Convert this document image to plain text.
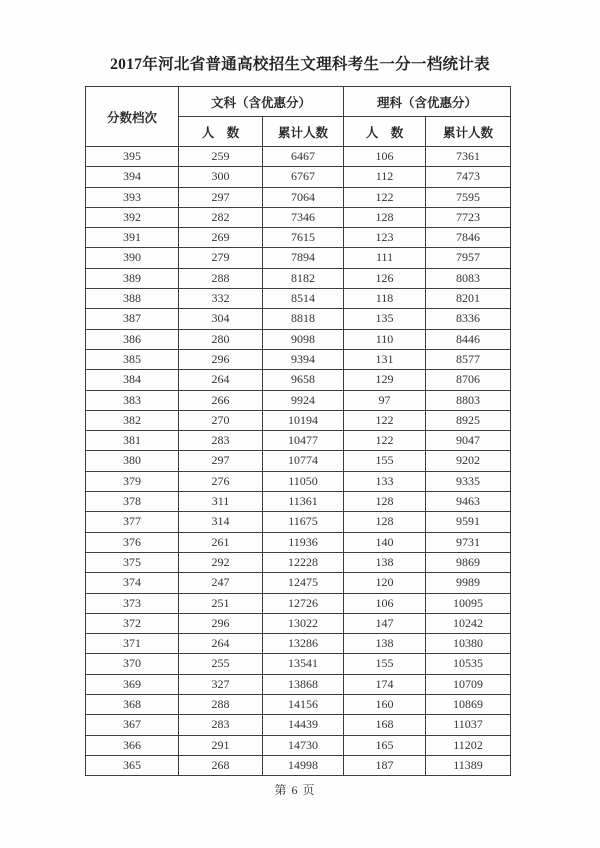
2017年河北省普通高校招生文理科考生一分一档统计表
分数档次	文科（含优惠分）		理科（含优惠分）	
	人　数	累计人数	人　数	累计人数
395	259	6467	106	7361
394	300	6767	112	7473
393	297	7064	122	7595
392	282	7346	128	7723
391	269	7615	123	7846
390	279	7894	111	7957
389	288	8182	126	8083
388	332	8514	118	8201
387	304	8818	135	8336
386	280	9098	110	8446
385	296	9394	131	8577
384	264	9658	129	8706
383	266	9924	97	8803
382	270	10194	122	8925
381	283	10477	122	9047
380	297	10774	155	9202
379	276	11050	133	9335
378	311	11361	128	9463
377	314	11675	128	9591
376	261	11936	140	9731
375	292	12228	138	9869
374	247	12475	120	9989
373	251	12726	106	10095
372	296	13022	147	10242
371	264	13286	138	10380
370	255	13541	155	10535
369	327	13868	174	10709
368	288	14156	160	10869
367	283	14439	168	11037
366	291	14730	165	11202
365	268	14998	187	11389
第 6 页
